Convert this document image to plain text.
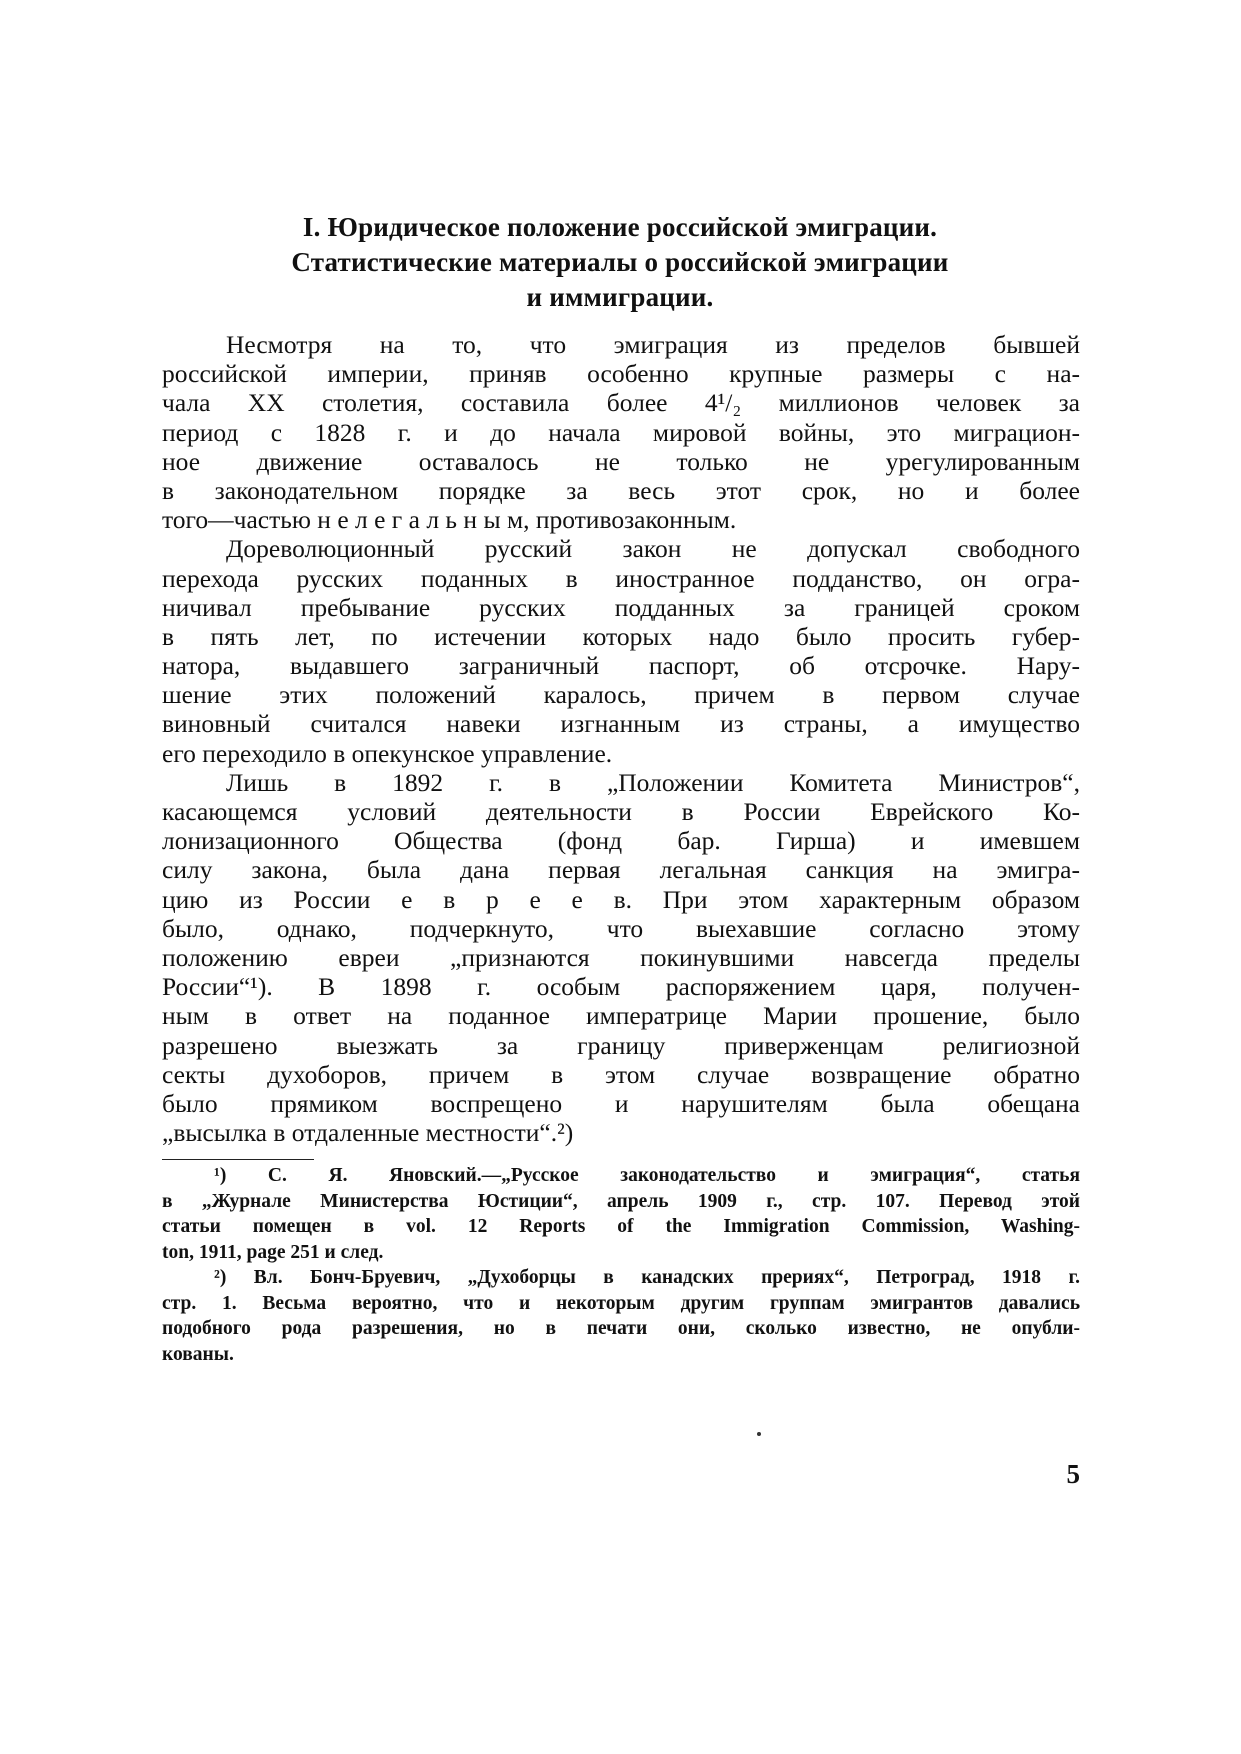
I. Юридическое положение российской эмиграции.
Статистические материалы о российской эмиграции
и иммиграции.
Несмотря на то, что эмиграция из пределов бывшей
российской империи, приняв особенно крупные размеры с на-
чала XX столетия, составила более 4¹/₂ миллионов человек за
период с 1828 г. и до начала мировой войны, это миграцион-
ное движение оставалось не только не урегулированным
в законодательном порядке за весь этот срок, но и более
того—частью н е л е г а л ь н ы м, противозаконным.
Дореволюционный русский закон не допускал свободного
перехода русских поданных в иностранное подданство, он огра-
ничивал пребывание русских подданных за границей сроком
в пять лет, по истечении которых надо было просить губер-
натора, выдавшего заграничный паспорт, об отсрочке. Нару-
шение этих положений каралось, причем в первом случае
виновный считался навеки изгнанным из страны, а имущество
его переходило в опекунское управление.
Лишь в 1892 г. в „Положении Комитета Министров“,
касающемся условий деятельности в России Еврейского Ко-
лонизационного Общества (фонд бар. Гирша) и имевшем
силу закона, была дана первая легальная санкция на эмигра-
цию из России е в р е е в. При этом характерным образом
было, однако, подчеркнуто, что выехавшие согласно этому
положению евреи „признаются покинувшими навсегда пределы
России“¹). В 1898 г. особым распоряжением царя, получен-
ным в ответ на поданное императрице Марии прошение, было
разрешено выезжать за границу приверженцам религиозной
секты духоборов, причем в этом случае возвращение обратно
было прямиком воспрещено и нарушителям была обещана
„высылка в отдаленные местности“.²)
¹) С. Я. Яновский.—„Русское законодательство и эмиграция“, статья
в „Журнале Министерства Юстиции“, апрель 1909 г., стр. 107. Перевод этой
статьи помещен в vol. 12 Reports of the Immigration Commission, Washing-
ton, 1911, page 251 и след.
²) Вл. Бонч-Бруевич, „Духоборцы в канадских прериях“, Петроград, 1918 г.
стр. 1. Весьма вероятно, что и некоторым другим группам эмигрантов давались
подобного рода разрешения, но в печати они, сколько известно, не опубли-
кованы.
5
